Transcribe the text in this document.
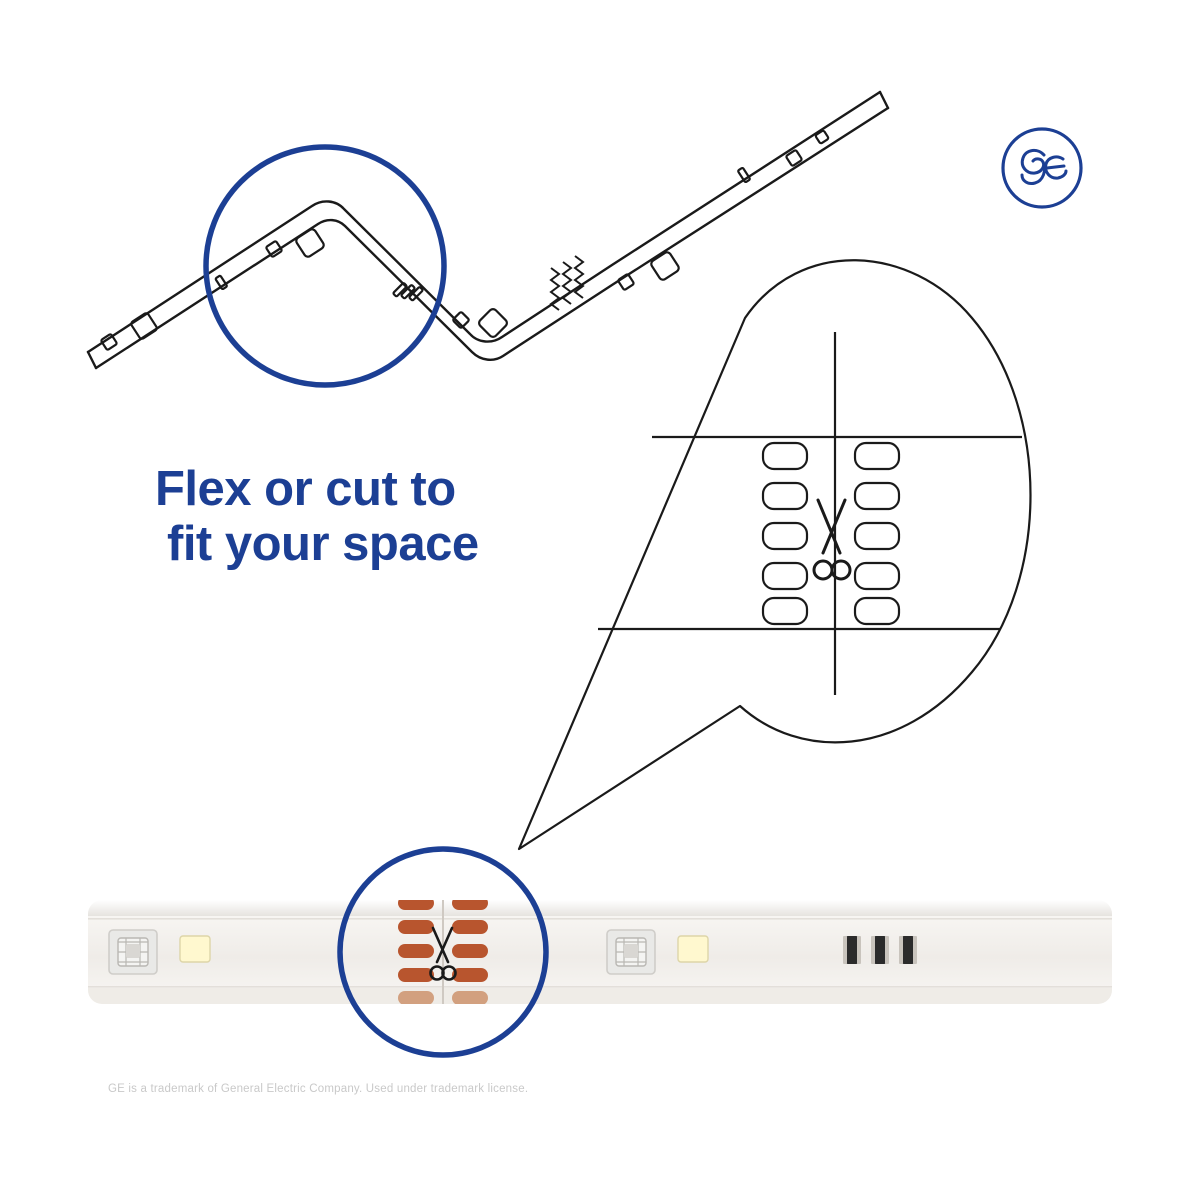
Flex or cut to
fit your space
GE is a trademark of General Electric Company. Used under trademark license.
